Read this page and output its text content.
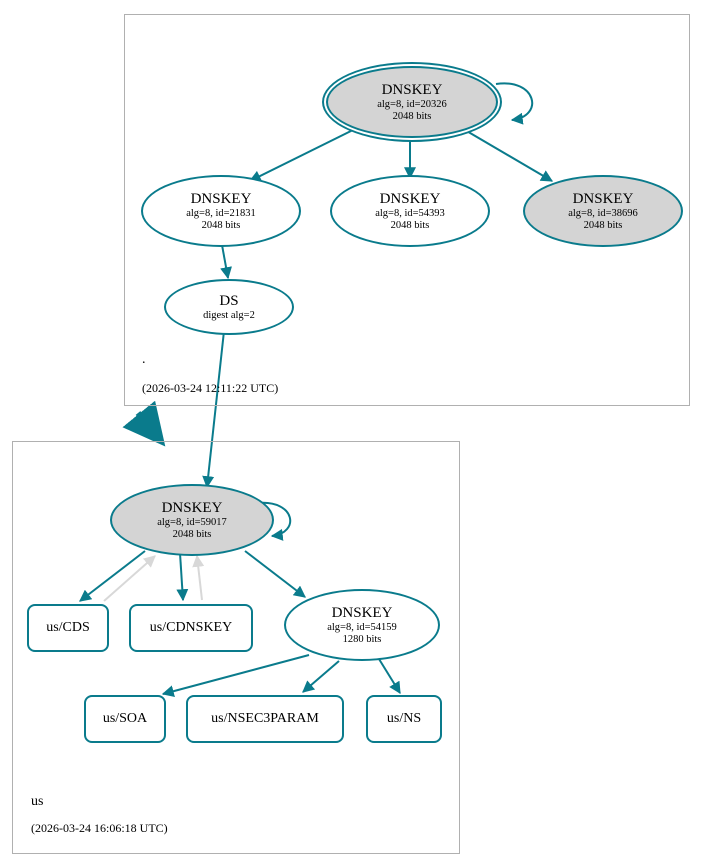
.
(2026-03-24 12:11:22 UTC)
us
(2026-03-24 16:06:18 UTC)
DNSKEY
alg=8, id=20326
2048 bits
DNSKEY
alg=8, id=21831
2048 bits
DNSKEY
alg=8, id=54393
2048 bits
DNSKEY
alg=8, id=38696
2048 bits
DS
digest alg=2
DNSKEY
alg=8, id=59017
2048 bits
DNSKEY
alg=8, id=54159
1280 bits
us/CDS	us/CDNSKEY
us/SOA	us/NSEC3PARAM	us/NS
